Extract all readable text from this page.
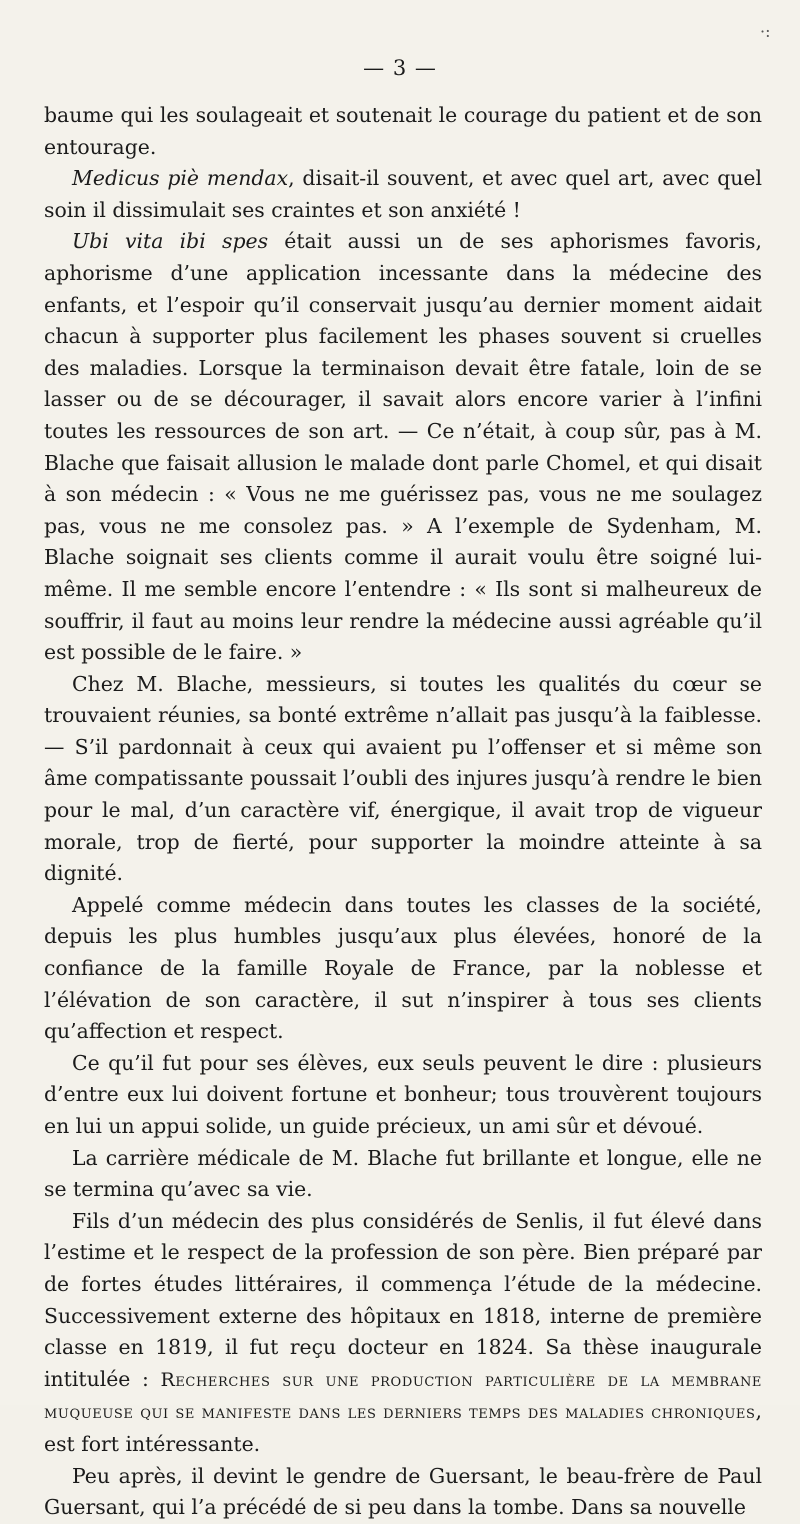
·:
— 3 —

baume qui les soulageait et soutenait le courage du patient et de son entourage.

Medicus piè mendax, disait-il souvent, et avec quel art, avec quel soin il dissimulait ses craintes et son anxiété !

Ubi vita ibi spes était aussi un de ses aphorismes favoris, aphorisme d’une application incessante dans la médecine des enfants, et l’espoir qu’il conservait jusqu’au dernier moment aidait chacun à supporter plus facilement les phases souvent si cruelles des maladies. Lorsque la terminaison devait être fatale, loin de se lasser ou de se décourager, il savait alors encore varier à l’infini toutes les ressources de son art. — Ce n’était, à coup sûr, pas à M. Blache que faisait allusion le malade dont parle Chomel, et qui disait à son médecin : « Vous ne me guérissez pas, vous ne me soulagez pas, vous ne me consolez pas. » A l’exemple de Sydenham, M. Blache soignait ses clients comme il aurait voulu être soigné lui-même. Il me semble encore l’entendre : « Ils sont si malheureux de souffrir, il faut au moins leur rendre la médecine aussi agréable qu’il est possible de le faire. »

Chez M. Blache, messieurs, si toutes les qualités du cœur se trouvaient réunies, sa bonté extrême n’allait pas jusqu’à la faiblesse. — S’il pardonnait à ceux qui avaient pu l’offenser et si même son âme compatissante poussait l’oubli des injures jusqu’à rendre le bien pour le mal, d’un caractère vif, énergique, il avait trop de vigueur morale, trop de fierté, pour supporter la moindre atteinte à sa dignité.

Appelé comme médecin dans toutes les classes de la société, depuis les plus humbles jusqu’aux plus élevées, honoré de la confiance de la famille Royale de France, par la noblesse et l’élévation de son caractère, il sut n’inspirer à tous ses clients qu’affection et respect.

Ce qu’il fut pour ses élèves, eux seuls peuvent le dire : plusieurs d’entre eux lui doivent fortune et bonheur; tous trouvèrent toujours en lui un appui solide, un guide précieux, un ami sûr et dévoué.

La carrière médicale de M. Blache fut brillante et longue, elle ne se termina qu’avec sa vie.

Fils d’un médecin des plus considérés de Senlis, il fut élevé dans l’estime et le respect de la profession de son père. Bien préparé par de fortes études littéraires, il commença l’étude de la médecine. Successivement externe des hôpitaux en 1818, interne de première classe en 1819, il fut reçu docteur en 1824. Sa thèse inaugurale intitulée : Recherches sur une production particulière de la membrane muqueuse qui se manifeste dans les derniers temps des maladies chroniques, est fort intéressante.

Peu après, il devint le gendre de Guersant, le beau-frère de Paul Guersant, qui l’a précédé de si peu dans la tombe. Dans sa nouvelle
